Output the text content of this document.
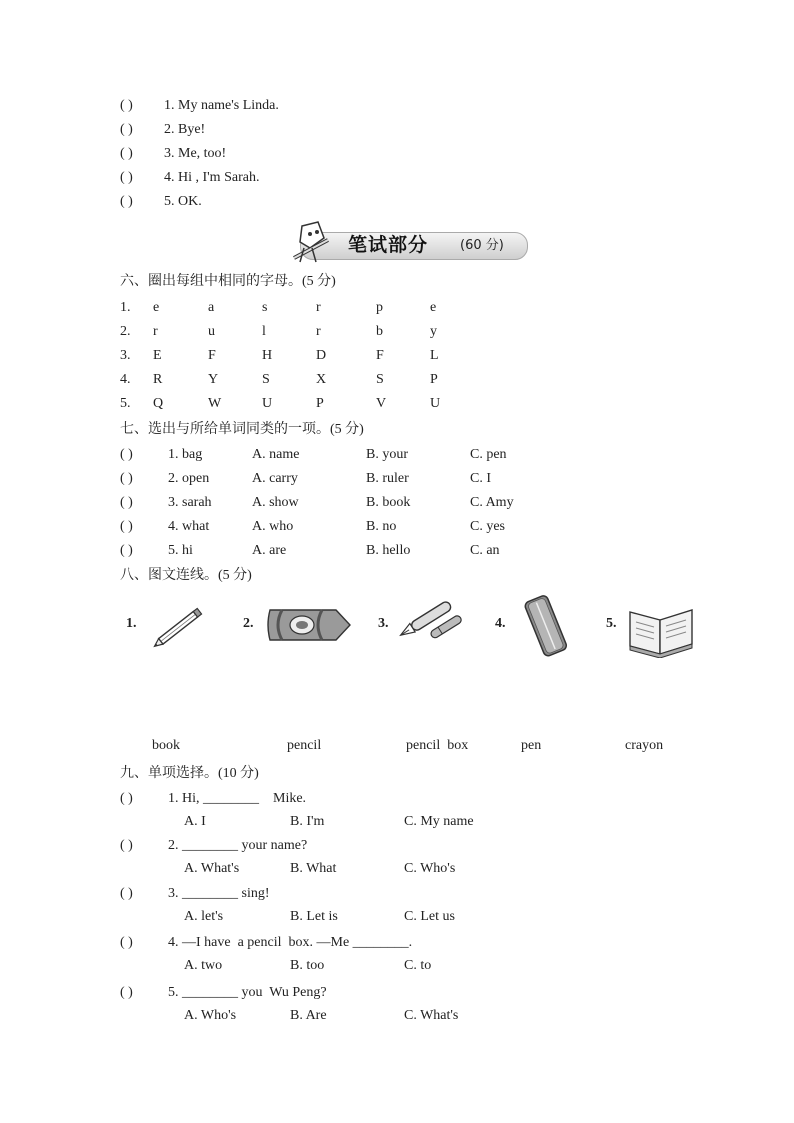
( ) 1. My name's Linda.
( ) 2. Bye!
( ) 3. Me, too!
( ) 4. Hi , I'm Sarah.
( ) 5. OK.
笔试部分 (60 分)
六、圈出每组中相同的字母。(5 分)
1. e	a	s	r	p	e
2. r	u	l	r	b	y
3. E	F	H	D	F	L
4. R	Y	S	X	S	P
5. Q	W	U	P	V	U
七、选出与所给单词同类的一项。(5 分)
( )	1. bag	A. name	B. your	C. pen
( )	2. open	A. carry	B. ruler	C. I
( )	3. sarah	A. show	B. book	C. Amy
( )	4. what	A. who	B. no	C. yes
( )	5. hi	A. are	B. hello	C. an
八、图文连线。(5 分)
1.	2.	3.	4.	5.
book	pencil	pencil  box	pen	crayon
九、单项选择。(10 分)
( )	1. Hi, ________    Mike.
A. I	B. I'm	C. My name
( )	2. ________ your name?
A. What's	B. What	C. Who's
( )	3. ________ sing!
A. let's	B. Let is	C. Let us
( )	4. —I have  a pencil  box. —Me ________.
A. two	B. too	C. to
( )	5. ________ you  Wu Peng?
A. Who's	B. Are	C. What's
